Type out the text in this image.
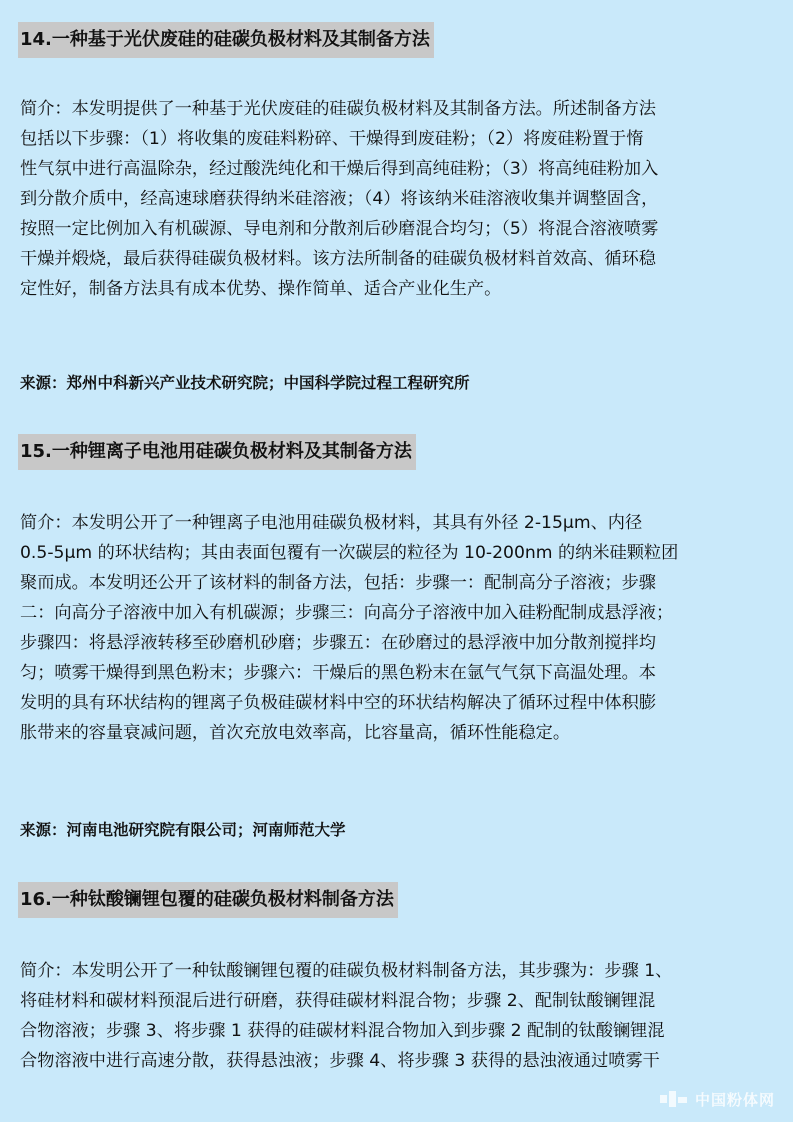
14.一种基于光伏废硅的硅碳负极材料及其制备方法

简介：本发明提供了一种基于光伏废硅的硅碳负极材料及其制备方法。所述制备方法
包括以下步骤：（1）将收集的废硅料粉碎、干燥得到废硅粉；（2）将废硅粉置于惰
性气氛中进行高温除杂，经过酸洗纯化和干燥后得到高纯硅粉；（3）将高纯硅粉加入
到分散介质中，经高速球磨获得纳米硅溶液；（4）将该纳米硅溶液收集并调整固含，
按照一定比例加入有机碳源、导电剂和分散剂后砂磨混合均匀；（5）将混合溶液喷雾
干燥并煅烧，最后获得硅碳负极材料。该方法所制备的硅碳负极材料首效高、循环稳
定性好，制备方法具有成本优势、操作简单、适合产业化生产。

来源：郑州中科新兴产业技术研究院；中国科学院过程工程研究所
15.一种锂离子电池用硅碳负极材料及其制备方法

简介：本发明公开了一种锂离子电池用硅碳负极材料，其具有外径 2-15μm、内径
0.5-5μm 的环状结构；其由表面包覆有一次碳层的粒径为 10-200nm 的纳米硅颗粒团
聚而成。本发明还公开了该材料的制备方法，包括：步骤一：配制高分子溶液；步骤
二：向高分子溶液中加入有机碳源；步骤三：向高分子溶液中加入硅粉配制成悬浮液；
步骤四：将悬浮液转移至砂磨机砂磨；步骤五：在砂磨过的悬浮液中加分散剂搅拌均
匀；喷雾干燥得到黑色粉末；步骤六：干燥后的黑色粉末在氩气气氛下高温处理。本
发明的具有环状结构的锂离子负极硅碳材料中空的环状结构解决了循环过程中体积膨
胀带来的容量衰减问题，首次充放电效率高，比容量高，循环性能稳定。

来源：河南电池研究院有限公司；河南师范大学
16.一种钛酸镧锂包覆的硅碳负极材料制备方法

简介：本发明公开了一种钛酸镧锂包覆的硅碳负极材料制备方法，其步骤为：步骤 1、
将硅材料和碳材料预混后进行研磨，获得硅碳材料混合物；步骤 2、配制钛酸镧锂混
合物溶液；步骤 3、将步骤 1 获得的硅碳材料混合物加入到步骤 2 配制的钛酸镧锂混
合物溶液中进行高速分散，获得悬浊液；步骤 4、将步骤 3 获得的悬浊液通过喷雾干

中国粉体网
